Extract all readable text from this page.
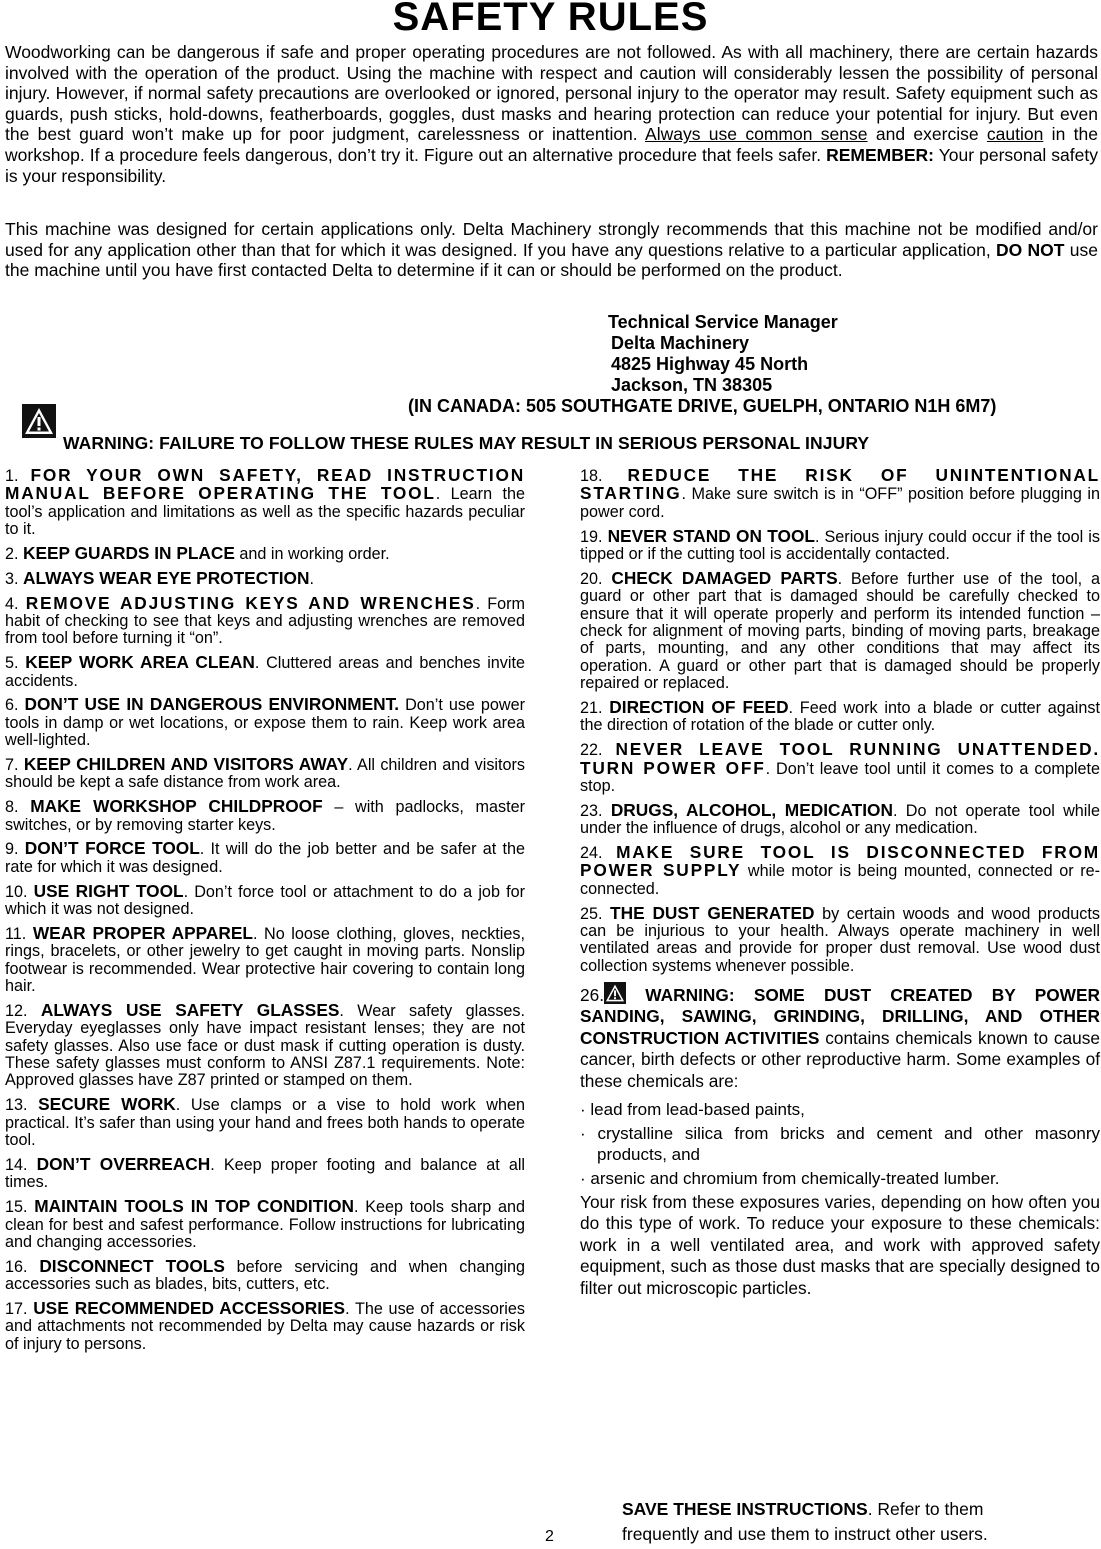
SAFETY RULES

Woodworking can be dangerous if safe and proper operating procedures are not followed. As with all machinery, there are certain hazards involved with the operation of the product. Using the machine with respect and caution will considerably lessen the possibility of personal injury. However, if normal safety precautions are overlooked or ignored, personal injury to the operator may result. Safety equipment such as guards, push sticks, hold-downs, featherboards, goggles, dust masks and hearing protection can reduce your potential for injury. But even the best guard won’t make up for poor judgment, carelessness or inattention. Always use common sense and exercise caution in the workshop. If a procedure feels dangerous, don’t try it. Figure out an alternative procedure that feels safer. REMEMBER: Your personal safety is your responsibility.

This machine was designed for certain applications only. Delta Machinery strongly recommends that this machine not be modified and/or used for any application other than that for which it was designed. If you have any questions relative to a particular application, DO NOT use the machine until you have first contacted Delta to determine if it can or should be performed on the product.

Technical Service Manager
Delta Machinery
4825 Highway 45 North
Jackson, TN 38305
(IN CANADA: 505 SOUTHGATE DRIVE, GUELPH, ONTARIO N1H 6M7)
WARNING: FAILURE TO FOLLOW THESE RULES MAY RESULT IN SERIOUS PERSONAL INJURY

1. FOR YOUR OWN SAFETY, READ INSTRUCTION MANUAL BEFORE OPERATING THE TOOL. Learn the tool’s application and limitations as well as the specific hazards peculiar to it.

2. KEEP GUARDS IN PLACE and in working order.

3. ALWAYS WEAR EYE PROTECTION.

4. REMOVE ADJUSTING KEYS AND WRENCHES. Form habit of checking to see that keys and adjusting wrenches are removed from tool before turning it “on”.

5. KEEP WORK AREA CLEAN. Cluttered areas and benches invite accidents.

6. DON’T USE IN DANGEROUS ENVIRONMENT. Don’t use power tools in damp or wet locations, or expose them to rain. Keep work area well-lighted.

7. KEEP CHILDREN AND VISITORS AWAY. All children and visitors should be kept a safe distance from work area.

8. MAKE WORKSHOP CHILDPROOF – with padlocks, master switches, or by removing starter keys.

9. DON’T FORCE TOOL. It will do the job better and be safer at the rate for which it was designed.

10. USE RIGHT TOOL. Don’t force tool or attachment to do a job for which it was not designed.

11. WEAR PROPER APPAREL. No loose clothing, gloves, neckties, rings, bracelets, or other jewelry to get caught in moving parts. Nonslip footwear is recommended. Wear protective hair covering to contain long hair.

12. ALWAYS USE SAFETY GLASSES. Wear safety glasses. Everyday eyeglasses only have impact resistant lenses; they are not safety glasses. Also use face or dust mask if cutting operation is dusty. These safety glasses must conform to ANSI Z87.1 requirements. Note: Approved glasses have Z87 printed or stamped on them.

13. SECURE WORK. Use clamps or a vise to hold work when practical. It’s safer than using your hand and frees both hands to operate tool.

14. DON’T OVERREACH. Keep proper footing and balance at all times.

15. MAINTAIN TOOLS IN TOP CONDITION. Keep tools sharp and clean for best and safest performance. Follow instructions for lubricating and changing accessories.

16. DISCONNECT TOOLS before servicing and when changing accessories such as blades, bits, cutters, etc.

17. USE RECOMMENDED ACCESSORIES. The use of accessories and attachments not recommended by Delta may cause hazards or risk of injury to persons.

18. REDUCE THE RISK OF UNINTENTIONAL STARTING. Make sure switch is in “OFF” position before plugging in power cord.

19. NEVER STAND ON TOOL. Serious injury could occur if the tool is tipped or if the cutting tool is accidentally contacted.

20. CHECK DAMAGED PARTS. Before further use of the tool, a guard or other part that is damaged should be carefully checked to ensure that it will operate properly and perform its intended function – check for alignment of moving parts, binding of moving parts, breakage of parts, mounting, and any other conditions that may affect its operation. A guard or other part that is damaged should be properly repaired or replaced.

21. DIRECTION OF FEED. Feed work into a blade or cutter against the direction of rotation of the blade or cutter only.

22. NEVER LEAVE TOOL RUNNING UNATTENDED. TURN POWER OFF. Don’t leave tool until it comes to a complete stop.

23. DRUGS, ALCOHOL, MEDICATION. Do not operate tool while under the influence of drugs, alcohol or any medication.

24. MAKE SURE TOOL IS DISCONNECTED FROM POWER SUPPLY while motor is being mounted, connected or re-connected.

25. THE DUST GENERATED by certain woods and wood products can be injurious to your health. Always operate machinery in well ventilated areas and provide for proper dust removal. Use wood dust collection systems whenever possible.

26. WARNING: SOME DUST CREATED BY POWER SANDING, SAWING, GRINDING, DRILLING, AND OTHER CONSTRUCTION ACTIVITIES contains chemicals known to cause cancer, birth defects or other reproductive harm. Some examples of these chemicals are:

· lead from lead-based paints,

· crystalline silica from bricks and cement and other masonry products, and

· arsenic and chromium from chemically-treated lumber.

Your risk from these exposures varies, depending on how often you do this type of work. To reduce your exposure to these chemicals: work in a well ventilated area, and work with approved safety equipment, such as those dust masks that are specially designed to filter out microscopic particles.

SAVE THESE INSTRUCTIONS. Refer to them
frequently and use them to instruct other users.
2
